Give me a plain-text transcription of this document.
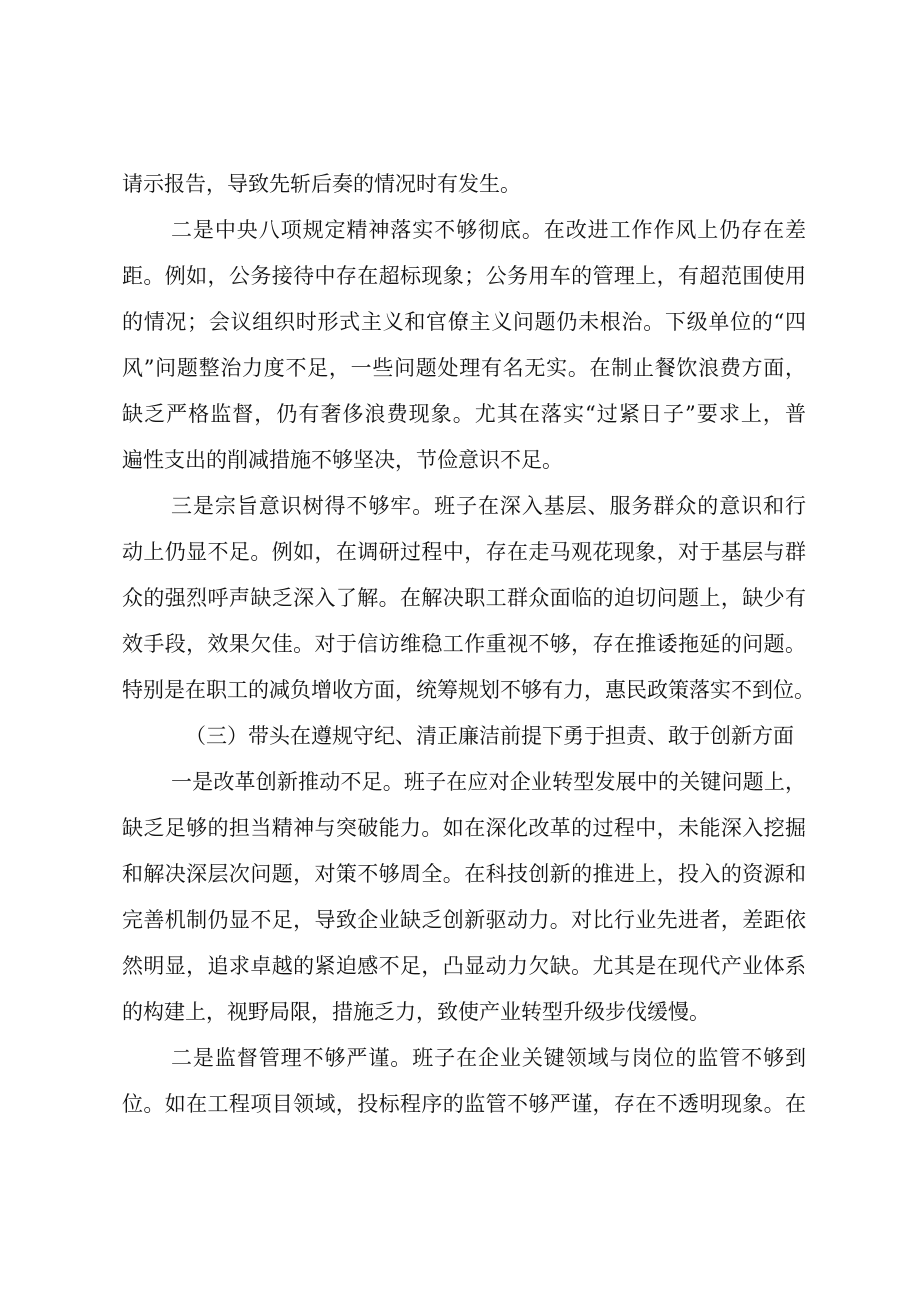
请示报告，导致先斩后奏的情况时有发生。

二是中央八项规定精神落实不够彻底。在改进工作作风上仍存在差

距。例如，公务接待中存在超标现象；公务用车的管理上，有超范围使用

的情况；会议组织时形式主义和官僚主义问题仍未根治。下级单位的“四

风”问题整治力度不足，一些问题处理有名无实。在制止餐饮浪费方面，

缺乏严格监督，仍有奢侈浪费现象。尤其在落实“过紧日子”要求上，普

遍性支出的削减措施不够坚决，节俭意识不足。

三是宗旨意识树得不够牢。班子在深入基层、服务群众的意识和行

动上仍显不足。例如，在调研过程中，存在走马观花现象，对于基层与群

众的强烈呼声缺乏深入了解。在解决职工群众面临的迫切问题上，缺少有

效手段，效果欠佳。对于信访维稳工作重视不够，存在推诿拖延的问题。

特别是在职工的减负增收方面，统筹规划不够有力，惠民政策落实不到位。

（三）带头在遵规守纪、清正廉洁前提下勇于担责、敢于创新方面

一是改革创新推动不足。班子在应对企业转型发展中的关键问题上，

缺乏足够的担当精神与突破能力。如在深化改革的过程中，未能深入挖掘

和解决深层次问题，对策不够周全。在科技创新的推进上，投入的资源和

完善机制仍显不足，导致企业缺乏创新驱动力。对比行业先进者，差距依

然明显，追求卓越的紧迫感不足，凸显动力欠缺。尤其是在现代产业体系

的构建上，视野局限，措施乏力，致使产业转型升级步伐缓慢。

二是监督管理不够严谨。班子在企业关键领域与岗位的监管不够到

位。如在工程项目领域，投标程序的监管不够严谨，存在不透明现象。在
